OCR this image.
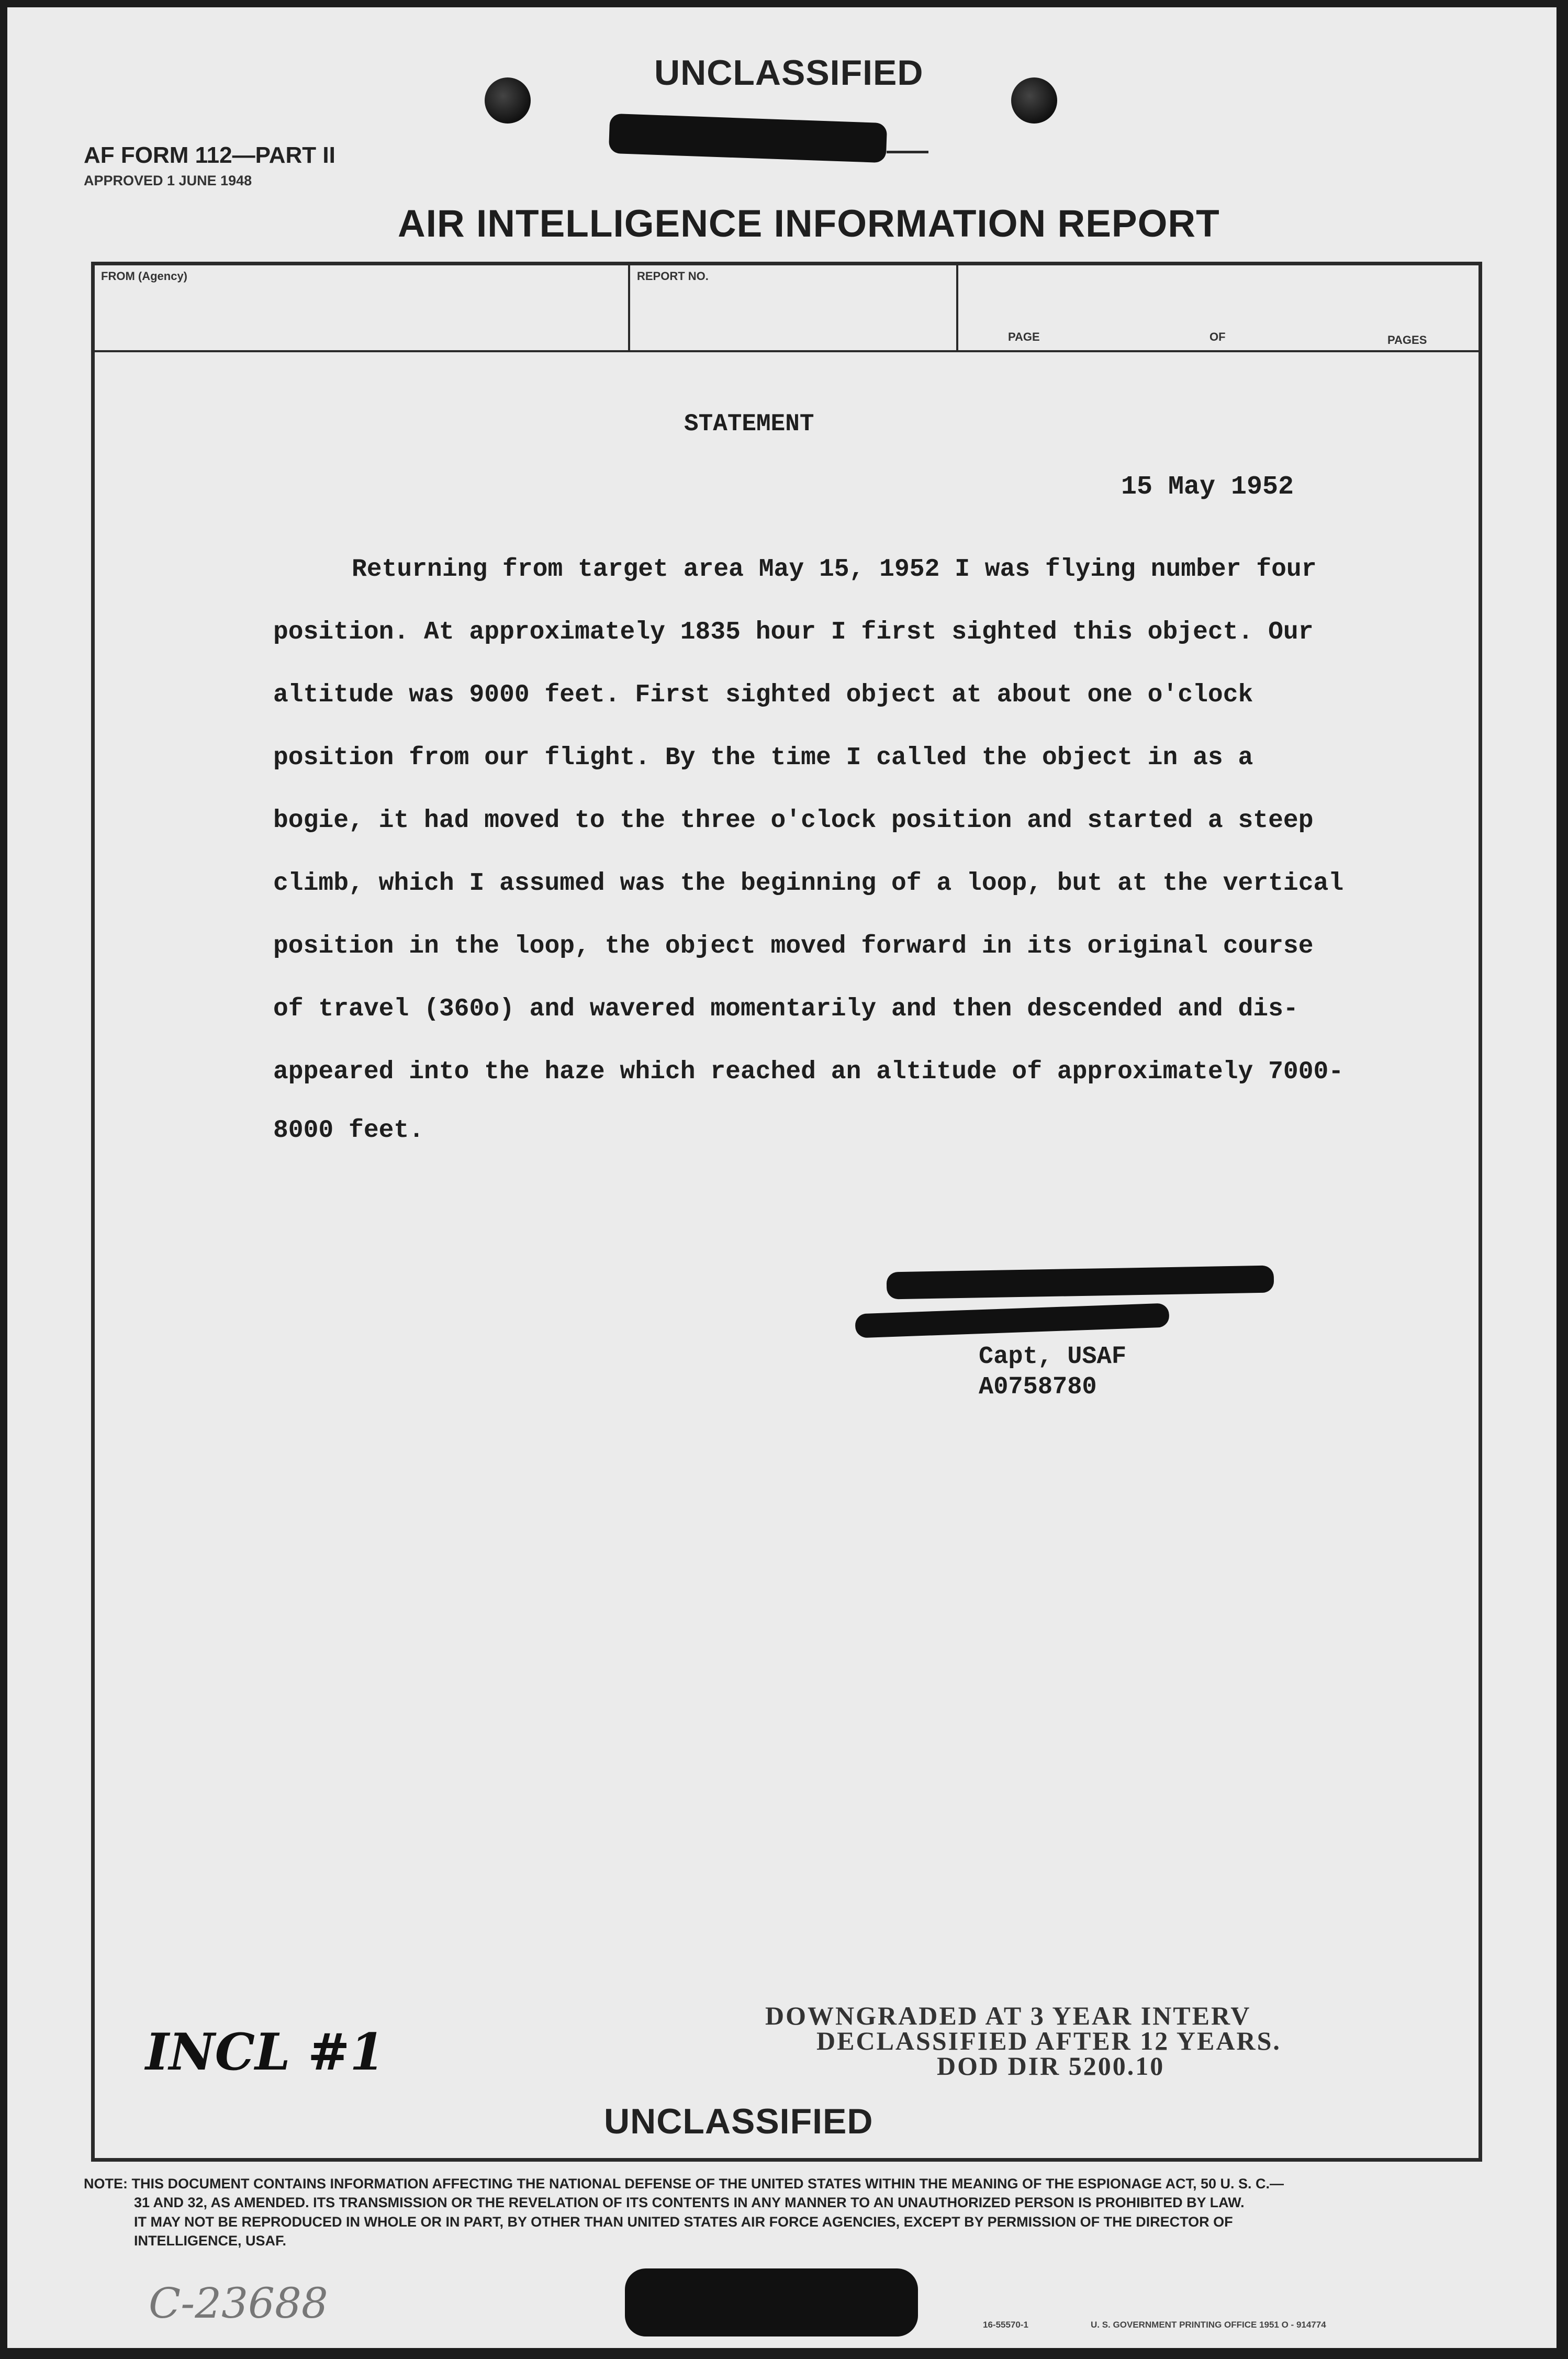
UNCLASSIFIED
AF FORM 112—PART II
APPROVED 1 JUNE 1948
AIR INTELLIGENCE INFORMATION REPORT
FROM (Agency)	REPORT NO.
PAGE	OF	PAGES
STATEMENT
15 May 1952
Returning from target area May 15, 1952 I was flying number four
position. At approximately 1835 hour I first sighted this object. Our
altitude was 9000 feet. First sighted object at about one o'clock
position from our flight. By the time I called the object in as a
bogie, it had moved to the three o'clock position and started a steep
climb, which I assumed was the beginning of a loop, but at the vertical
position in the loop, the object moved forward in its original course
of travel (360o) and wavered momentarily and then descended and dis-
appeared into the haze which reached an altitude of approximately 7000-
8000 feet.
Capt, USAF
A0758780
DOWNGRADED AT 3 YEAR INTERV
DECLASSIFIED AFTER 12 YEARS.
DOD DIR 5200.10
INCL #1
UNCLASSIFIED
NOTE: THIS DOCUMENT CONTAINS INFORMATION AFFECTING THE NATIONAL DEFENSE OF THE UNITED STATES WITHIN THE MEANING OF THE ESPIONAGE ACT, 50 U. S. C.—
31 AND 32, AS AMENDED. ITS TRANSMISSION OR THE REVELATION OF ITS CONTENTS IN ANY MANNER TO AN UNAUTHORIZED PERSON IS PROHIBITED BY LAW.
IT MAY NOT BE REPRODUCED IN WHOLE OR IN PART, BY OTHER THAN UNITED STATES AIR FORCE AGENCIES, EXCEPT BY PERMISSION OF THE DIRECTOR OF
INTELLIGENCE, USAF.
C-23688	16-55570-1	U. S. GOVERNMENT PRINTING OFFICE 1951 O - 914774
